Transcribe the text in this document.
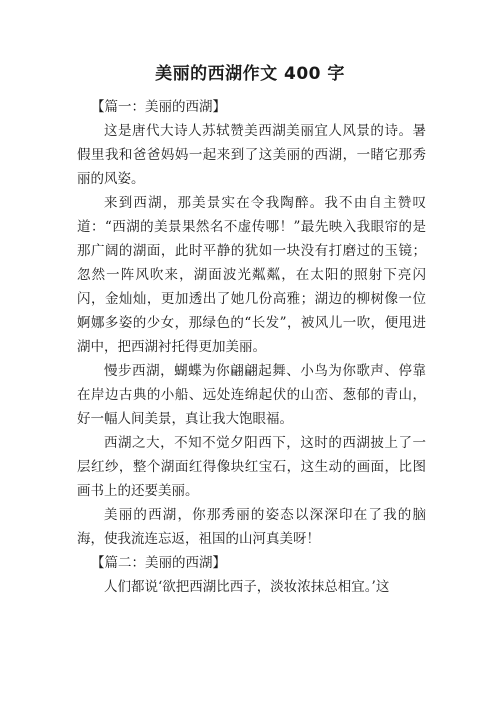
美丽的西湖作文 400 字

【篇一：美丽的西湖】

这是唐代大诗人苏轼赞美西湖美丽宜人风景的诗。暑假里我和爸爸妈妈一起来到了这美丽的西湖，一睹它那秀丽的风姿。

来到西湖，那美景实在令我陶醉。我不由自主赞叹道：“西湖的美景果然名不虚传哪！”最先映入我眼帘的是那广阔的湖面，此时平静的犹如一块没有打磨过的玉镜；忽然一阵风吹来，湖面波光粼粼，在太阳的照射下亮闪闪，金灿灿，更加透出了她几份高雅；湖边的柳树像一位婀娜多姿的少女，那绿色的“长发”，被风儿一吹，便甩进湖中，把西湖衬托得更加美丽。

慢步西湖，蝴蝶为你翩翩起舞、小鸟为你歌声、停靠在岸边古典的小船、远处连绵起伏的山峦、葱郁的青山，好一幅人间美景，真让我大饱眼福。

西湖之大，不知不觉夕阳西下，这时的西湖披上了一层红纱，整个湖面红得像块红宝石，这生动的画面，比图画书上的还要美丽。

美丽的西湖，你那秀丽的姿态以深深印在了我的脑海，使我流连忘返，祖国的山河真美呀！

【篇二：美丽的西湖】

人们都说‘欲把西湖比西子，淡妆浓抹总相宜。’这
